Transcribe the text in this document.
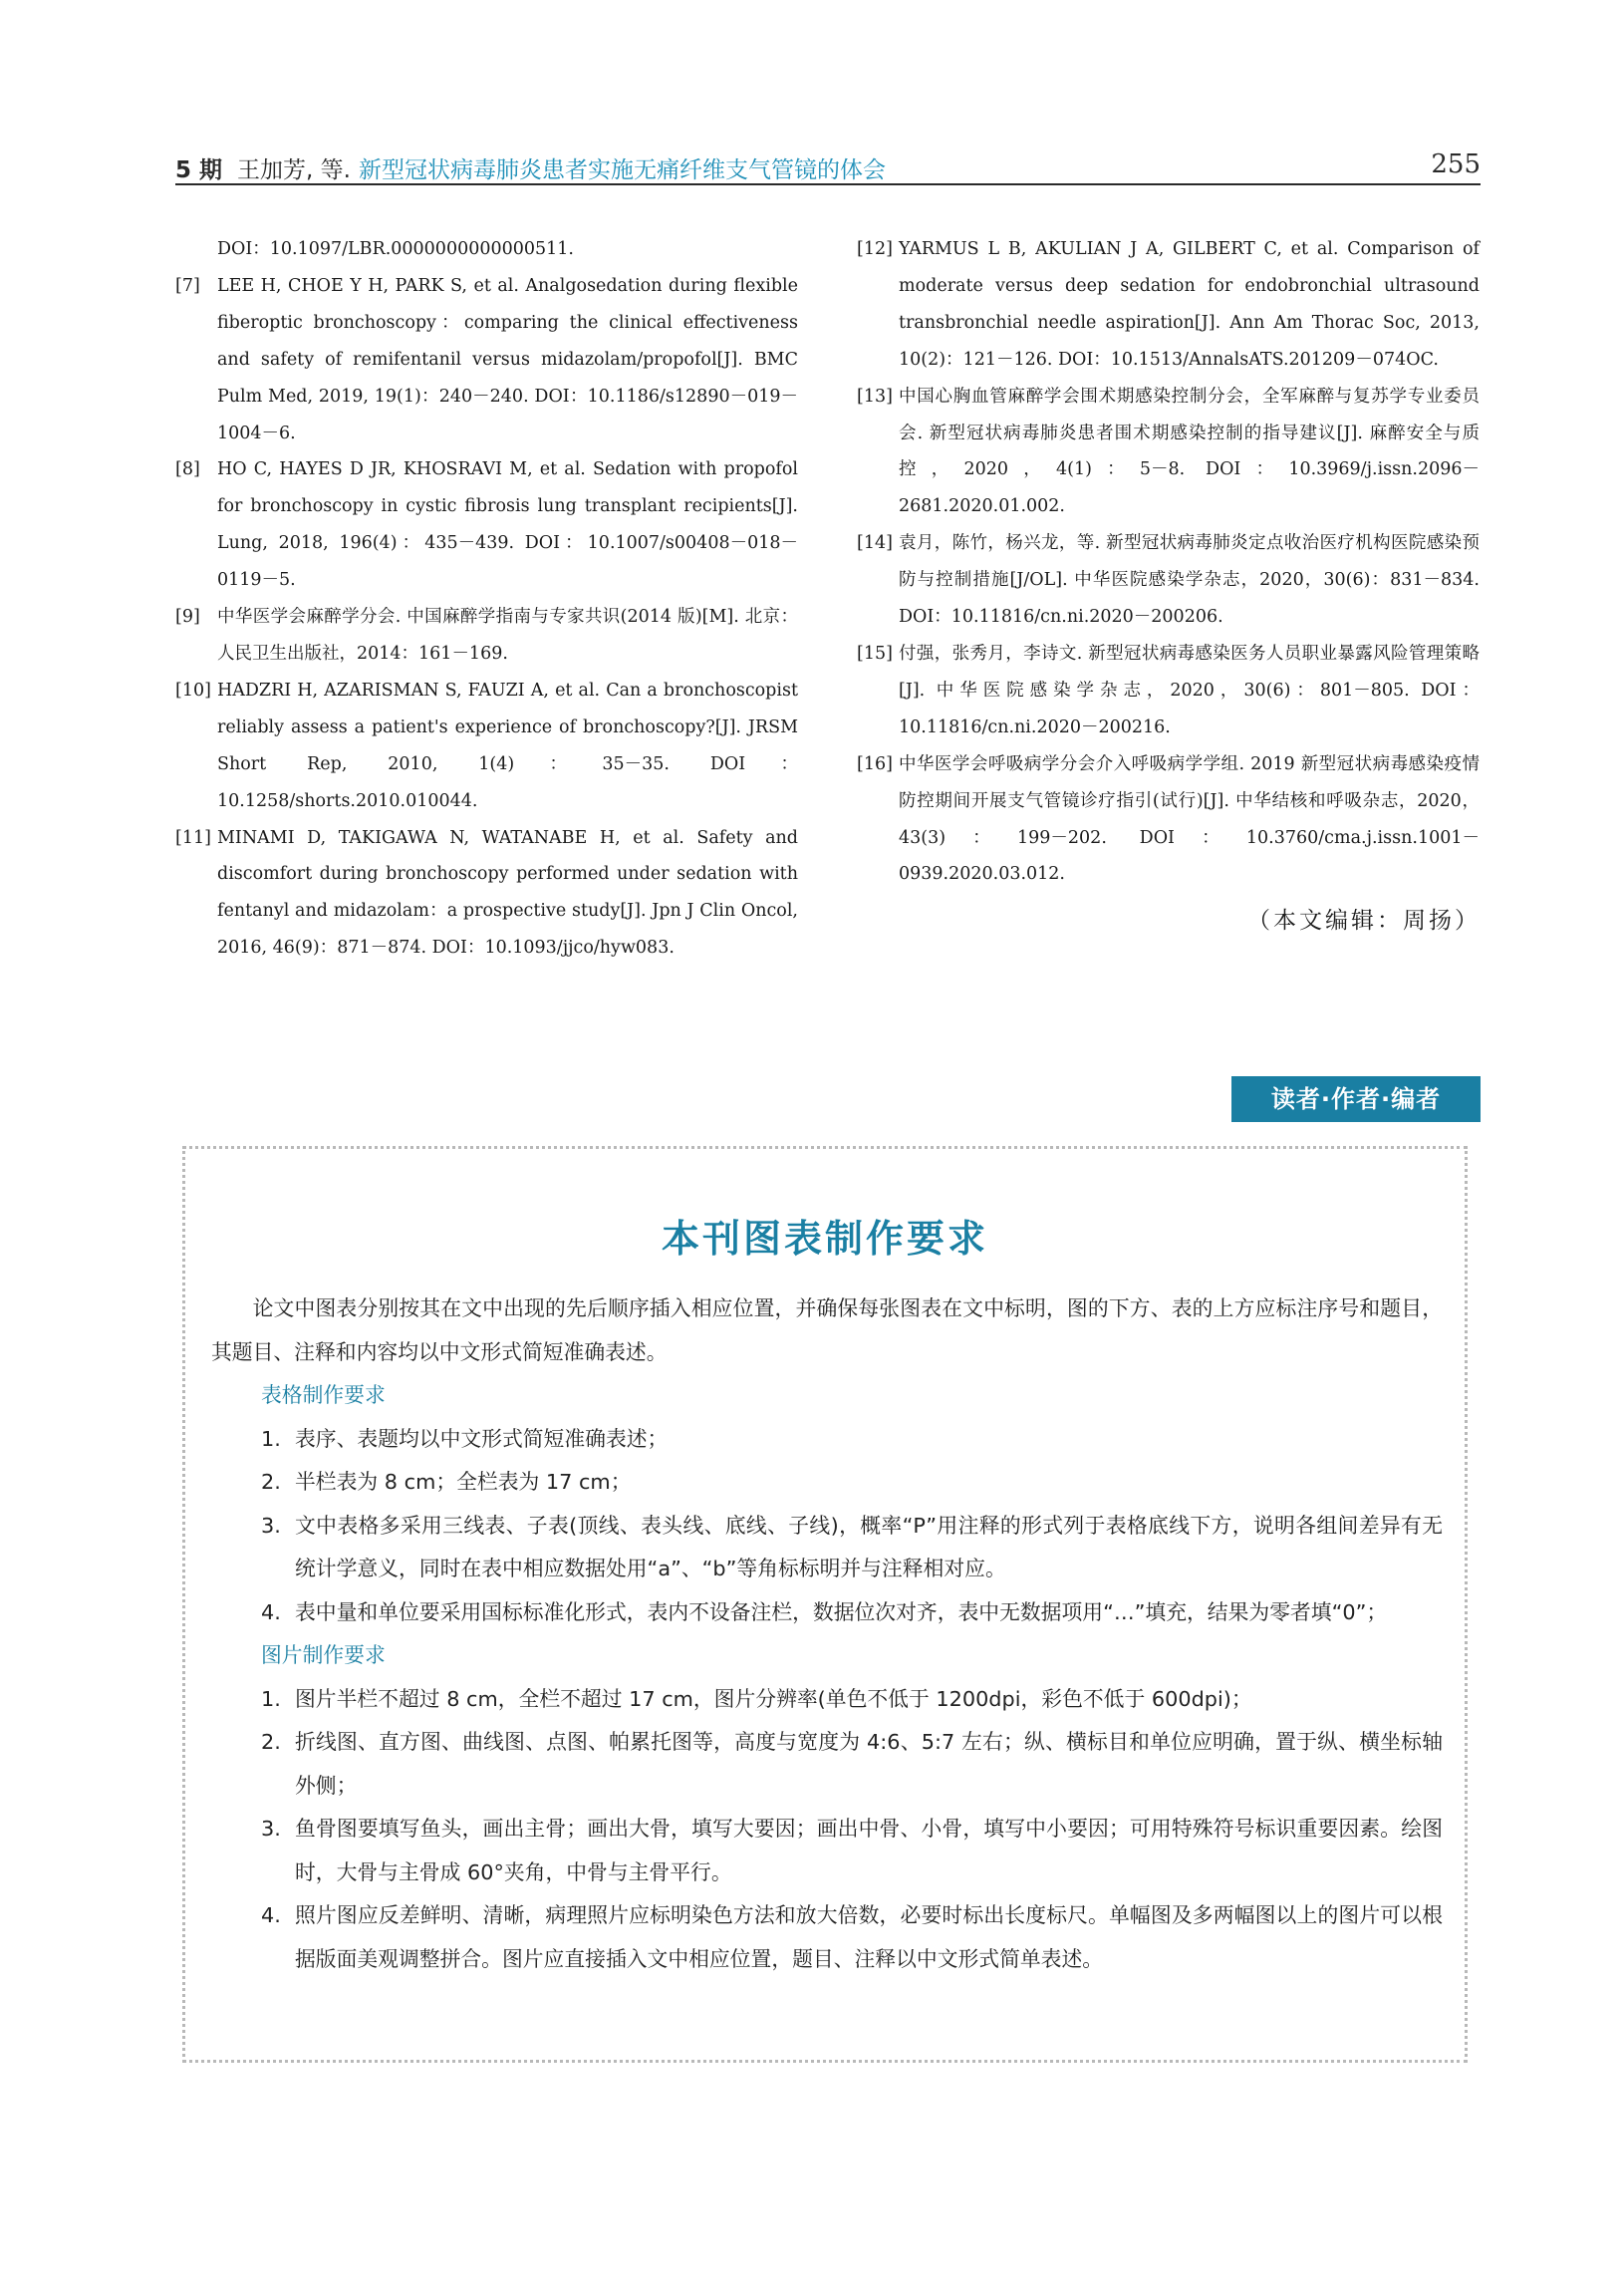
5 期 王加芳, 等. 新型冠状病毒肺炎患者实施无痛纤维支气管镜的体会	255
DOI：10.1097/LBR.0000000000000511.
[7] LEE H, CHOE Y H, PARK S, et al. Analgosedation during flexible fiberoptic bronchoscopy：comparing the clinical effectiveness and safety of remifentanil versus midazolam/propofol[J]. BMC Pulm Med, 2019, 19(1)：240－240. DOI：10.1186/s12890－019－1004－6.
[8] HO C, HAYES D JR, KHOSRAVI M, et al. Sedation with propofol for bronchoscopy in cystic fibrosis lung transplant recipients[J]. Lung, 2018, 196(4)：435－439. DOI：10.1007/s00408－018－0119－5.
[9] 中华医学会麻醉学分会. 中国麻醉学指南与专家共识(2014 版)[M]. 北京：人民卫生出版社，2014：161－169.
[10] HADZRI H, AZARISMAN S, FAUZI A, et al. Can a bronchoscopist reliably assess a patient's experience of bronchoscopy?[J]. JRSM Short Rep, 2010, 1(4)：35－35. DOI：10.1258/shorts.2010.010044.
[11] MINAMI D, TAKIGAWA N, WATANABE H, et al. Safety and discomfort during bronchoscopy performed under sedation with fentanyl and midazolam：a prospective study[J]. Jpn J Clin Oncol, 2016, 46(9)：871－874. DOI：10.1093/jjco/hyw083.
[12] YARMUS L B, AKULIAN J A, GILBERT C, et al. Comparison of moderate versus deep sedation for endobronchial ultrasound transbronchial needle aspiration[J]. Ann Am Thorac Soc, 2013, 10(2)：121－126. DOI：10.1513/AnnalsATS.201209－074OC.
[13] 中国心胸血管麻醉学会围术期感染控制分会，全军麻醉与复苏学专业委员会. 新型冠状病毒肺炎患者围术期感染控制的指导建议[J]. 麻醉安全与质控，2020，4(1)：5－8. DOI：10.3969/j.issn.2096－2681.2020.01.002.
[14] 袁月，陈竹，杨兴龙，等. 新型冠状病毒肺炎定点收治医疗机构医院感染预防与控制措施[J/OL]. 中华医院感染学杂志，2020，30(6)：831－834. DOI：10.11816/cn.ni.2020－200206.
[15] 付强，张秀月，李诗文. 新型冠状病毒感染医务人员职业暴露风险管理策略[J]. 中华医院感染学杂志，2020，30(6)：801－805. DOI：10.11816/cn.ni.2020－200216.
[16] 中华医学会呼吸病学分会介入呼吸病学学组. 2019 新型冠状病毒感染疫情防控期间开展支气管镜诊疗指引(试行)[J]. 中华结核和呼吸杂志，2020，43(3)：199－202. DOI：10.3760/cma.j.issn.1001－0939.2020.03.012.
（本文编辑：周扬）
读者·作者·编者
本刊图表制作要求

论文中图表分别按其在文中出现的先后顺序插入相应位置，并确保每张图表在文中标明，图的下方、表的上方应标注序号和题目，其题目、注释和内容均以中文形式简短准确表述。

表格制作要求

1. 表序、表题均以中文形式简短准确表述；

2. 半栏表为 8 cm；全栏表为 17 cm；

3. 文中表格多采用三线表、子表(顶线、表头线、底线、子线)，概率“P”用注释的形式列于表格底线下方，说明各组间差异有无统计学意义，同时在表中相应数据处用“a”、“b”等角标标明并与注释相对应。

4. 表中量和单位要采用国标标准化形式，表内不设备注栏，数据位次对齐，表中无数据项用“…”填充，结果为零者填“0”；

图片制作要求

1. 图片半栏不超过 8 cm，全栏不超过 17 cm，图片分辨率(单色不低于 1200dpi，彩色不低于 600dpi)；

2. 折线图、直方图、曲线图、点图、帕累托图等，高度与宽度为 4:6、5:7 左右；纵、横标目和单位应明确，置于纵、横坐标轴外侧；

3. 鱼骨图要填写鱼头，画出主骨；画出大骨，填写大要因；画出中骨、小骨，填写中小要因；可用特殊符号标识重要因素。绘图时，大骨与主骨成 60°夹角，中骨与主骨平行。

4. 照片图应反差鲜明、清晰，病理照片应标明染色方法和放大倍数，必要时标出长度标尺。单幅图及多两幅图以上的图片可以根据版面美观调整拼合。图片应直接插入文中相应位置，题目、注释以中文形式简单表述。
